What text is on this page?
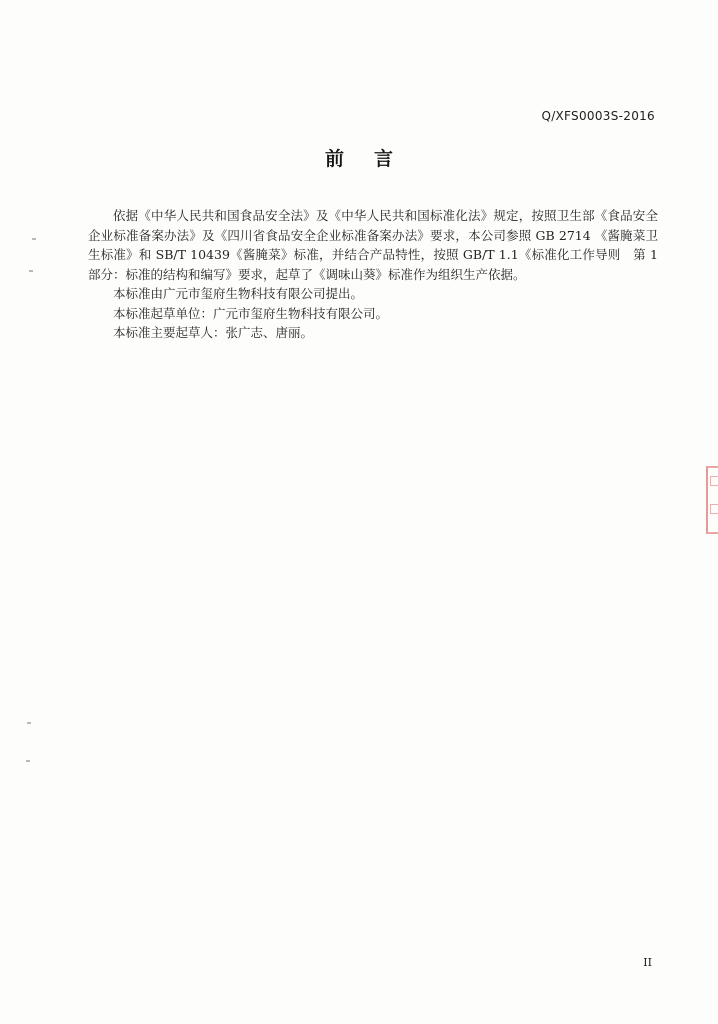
Q/XFS0003S-2016
前 言

依据《中华人民共和国食品安全法》及《中华人民共和国标准化法》规定，按照卫生部《食品安全企业标准备案办法》及《四川省食品安全企业标准备案办法》要求，本公司参照 GB 2714 《酱腌菜卫生标准》和 SB/T 10439《酱腌菜》标准，并结合产品特性，按照 GB/T 1.1《标准化工作导则　第 1 部分：标准的结构和编写》要求，起草了《调味山葵》标准作为组织生产依据。

本标准由广元市玺府生物科技有限公司提出。

本标准起草单位：广元市玺府生物科技有限公司。

本标准主要起草人：张广志、唐丽。

II
